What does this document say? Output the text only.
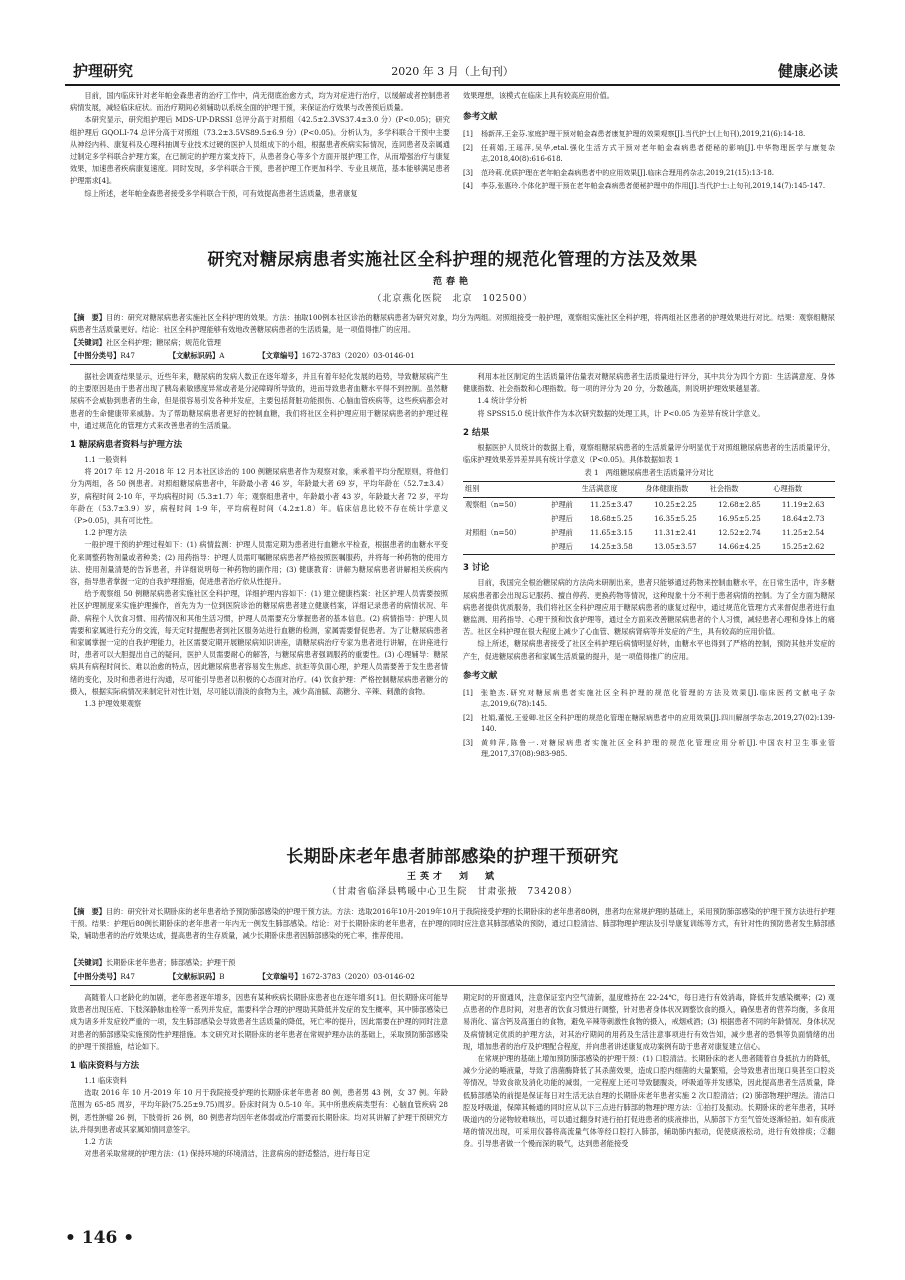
护理研究	2020 年 3 月（上旬刊）	健康必读

目前，国内临床针对老年帕金森患者的治疗工作中，尚无彻底治愈方式，均为对症进行治疗，以缓解或者控制患者病情发展，减轻临床症状。而治疗期间必须辅助以系统全面的护理干预，来保证治疗效果与改善预后质量。

本研究显示，研究组护理后 MDS-UP-DRSSI 总评分高于对照组（42.5±2.3VS37.4±3.0 分）(P<0.05)；研究组护理后 GQOLI-74 总评分高于对照组（73.2±3.5VS89.5±6.9 分）(P<0.05)。分析认为，多学科联合干预中主要从神经内科、康复科及心理科抽调专业技术过硬的医护人员组成下的小组，根据患者疾病实际情况，连同患者及亲属通过制定多学科联合护理方案，在已制定的护理方案支持下，从患者身心等多个方面开展护理工作，从而增强治疗与康复效果，加速患者疾病康复速度。同时发现，多学科联合干预，患者护理工作更加科学、专业且规范，基本能够满足患者护理需求[4]。

综上所述，老年帕金森患者接受多学科联合干预，可有效提高患者生活质量，患者康复

效果理想，该模式在临床上具有较高应用价值。

参考文献
[1]	杨新萍,王金芬.家庭护理干预对帕金森患者康复护理的效果观察[J].当代护士(上旬刊),2019,21(6):14-18.
[2]	任莉娟,王瑶萍,吴华,etal.强化生活方式干预对老年帕金森病患者便秘的影响[J].中华物理医学与康复杂志,2018,40(8):616-618.
[3]	范玲莉.优质护理在老年帕金森病患者中的应用效果[J].临床合理用药杂志,2019,21(15):13-18.
[4]	李芬,张惠玲.个体化护理干预在老年帕金森病患者便秘护理中的作用[J].当代护士:上旬刊,2019,14(7):145-147.
研究对糖尿病患者实施社区全科护理的规范化管理的方法及效果
范春艳
（北京燕化医院　北京　102500）
【摘　要】目的：研究对糖尿病患者实施社区全科护理的效果。方法：抽取100例本社区诊治的糖尿病患者为研究对象，均分为两组。对照组接受一般护理，观察组实施社区全科护理，将两组社区患者的护理效果进行对比。结果：观察组糖尿病患者生活质量更好。结论：社区全科护理能够有效地改善糖尿病患者的生活质量，是一项值得推广的应用。
【关键词】社区全科护理；糖尿病；规范化管理
【中图分类号】R47	【文献标识码】A	【文章编号】1672-3783（2020）03-0146-01

据社会调查结果显示，近些年来，糖尿病的发病人数正在逐年增多，并且有着年轻化发展的趋势，导致糖尿病产生的主要原因是由于患者出现了胰岛素敏感度异常或者是分泌障碍所导致的，进而导致患者血糖水平得不到控制。虽然糖尿病不会威胁到患者的生命，但是很容易引发各种并发症，主要包括肾脏功能损伤、心脑血管疾病等，这些疾病都会对患者的生命健康带来威胁。为了帮助糖尿病患者更好的控制血糖，我们将社区全科护理应用于糖尿病患者的护理过程中，通过规范化的管理方式来改善患者的生活质量。

1 糖尿病患者资料与护理方法

1.1 一般资料

将 2017 年 12 月-2018 年 12 月本社区诊治的 100 例糖尿病患者作为观察对象，乘承着平均分配原则，将他们分为两组，各 50 例患者。对照组糖尿病患者中，年龄最小者 46 岁，年龄最大者 69 岁，平均年龄在（52.7±3.4）岁，病程时间 2-10 年，平均病程时间（5.3±1.7）年；观察组患者中，年龄最小者 43 岁，年龄最大者 72 岁，平均年龄在（53.7±3.9）岁，病程时间 1-9 年，平均病程时间（4.2±1.8）年。临床信息比较不存在统计学意义（P>0.05)，具有可比性。

1.2 护理方法

一般护理干预的护理过程如下：(1) 病情监测：护理人员需定期为患者进行血糖水平检查，根据患者的血糖水平变化来调整药物剂量或者种类；(2) 用药指导：护理人员需叮嘱糖尿病患者严格按照医嘱服药，并将每一种药物的使用方法、使用剂量清楚的告诉患者，并详细说明每一种药物的副作用；(3) 健康教育：讲解为糖尿病患者讲解相关疾病内容，指导患者掌握一定的自我护理措施，促进患者治疗依从性提升。

给予观察组 50 例糖尿病患者实施社区全科护理，详细护理内容如下：(1) 建立健康档案：社区护理人员需要按照社区护理制度来实施护理操作，首先为为一位到医院诊治的糖尿病患者建立健康档案，详细记录患者的病情状况、年龄、病程个人饮食习惯、用药情况和其他生活习惯，护理人员需要充分掌握患者的基本信息。(2) 病情指导：护理人员需要和家属进行充分的交流，每天定时提醒患者到社区服务站进行血糖的检测，家属需要督促患者。为了让糖尿病患者和家属掌握一定的自我护理能力，社区需要定期开展糖尿病知识讲座，请糖尿病治疗专家为患者进行讲解，在讲座进行时，患者可以大胆提出自己的疑问，医护人员需要耐心的解答，与糖尿病患者强调服药的重要性。(3) 心理辅导：糖尿病具有病程时间长、难以治愈的特点，因此糖尿病患者容易发生焦虑、抗拒等负面心理，护理人员需要善于发生患者情绪的变化，及时和患者进行沟通，尽可能引导患者以积极的心态面对治疗。(4) 饮食护理：严格控制糖尿病患者糖分的摄入，根据实际病情况来制定针对性计划，尽可能以清淡的食物为主，减少高油腻、高糖分、辛辣、刺激的食物。

1.3 护理效果观察

利用本社区制定的生活质量评估量表对糖尿病患者生活质量进行评分，其中共分为四个方面：生活满意度、身体健康指数、社会指数和心理指数。每一项的评分为 20 分，分数越高，则说明护理效果越显著。

1.4 统计学分析

将 SPSS15.0 统计软件作为本次研究数据的处理工具，计 P<0.05 为差异有统计学意义。

2 结果

根据医护人员统计的数据上看，观察组糖尿病患者的生活质量评分明显优于对照组糖尿病患者的生活质量评分，临床护理效果差异差异具有统计学意义（P<0.05)。具体数据如表 1

表 1　两组糖尿病患者生活质量评分对比
组别		生活满意度	身体健康指数	社会指数	心理指数
观察组（n=50）	护理前	11.25±3.47	10.25±2.25	12.68±2.85	11.19±2.63
	护理后	18.68±5.25	16.35±5.25	16.95±5.25	18.64±2.73
对照组（n=50）	护理前	11.65±3.15	11.31±2.41	12.52±2.74	11.25±2.54
	护理后	14.25±3.58	13.05±3.57	14.66±4.25	15.25±2.62
3 讨论

目前，我国完全根治糖尿病的方法尚未研制出来，患者只能够通过药物来控制血糖水平，在日常生活中，许多糖尿病患者都会出现忘记服药、擅自停药、更换药物等情况，这种现象十分不利于患者病情的控制。为了全方面为糖尿病患者提供优质服务，我们将社区全科护理应用于糖尿病患者的康复过程中，通过规范化管理方式来督促患者进行血糖监测、用药指导、心理干预和饮食护理等，通过全方面来改善糖尿病患者的个人习惯，减轻患者心理和身体上的痛苦。社区全科护理在很大程度上减少了心血管、糖尿病肾病等并发症的产生，具有较高的应用价值。

综上所述，糖尿病患者接受了社区全科护理后病情明显好转，血糖水平也得到了严格的控制，预防其他并发症的产生，促进糖尿病患者和家属生活质量的提升，是一项值得推广的应用。

参考文献
[1]	张艳杰.研究对糖尿病患者实施社区全科护理的规范化管理的方法及效果[J].临床医药文献电子杂志,2019,6(78):145.
[2]	杜娟,董悦,王爱卿.社区全科护理的规范化管理在糖尿病患者中的应用效果[J].四川解剖学杂志,2019,27(02):139-140.
[3]	黄帅萍,陈鲁一.对糖尿病患者实施社区全科护理的规范化管理应用分析[J].中国农村卫生事业管理,2017,37(08):983-985.
长期卧床老年患者肺部感染的护理干预研究
王英才　刘　斌
（甘肃省临泽县鸭暖中心卫生院　甘肃张掖　734208）
【摘　要】目的：研究针对长期卧床的老年患者给予预防肺部感染的护理干预方法。方法：选取2016年10月-2019年10月于我院接受护理的长期卧床的老年患者80例，患者均在常规护理的基础上，采用预防肺部感染的护理干预方法进行护理干预。结果：护理后80例长期卧床的老年患者一年内无一例发生肺部感染。结论：对于长期卧床的老年患者，在护理的同时应注意其肺部感染的预防，通过口腔清洁、肺部物理护理法及引导康复训练等方式，有针对性的预防患者发生肺部感染，辅助患者的治疗效果达成，提高患者的生存质量，减少长期卧床患者因肺部感染的死亡率，推荐使用。
【关键词】长期卧床老年患者；肺部感染；护理干预
【中图分类号】R47	【文献标识码】B	【文章编号】1672-3783（2020）03-0146-02

高随着人口老龄化的加剧，老年患者逐年增多，因患有某种疾病长期卧床患者也在逐年增多[1]。但长期卧床可能导致患者出现压疮、下肢深静脉血栓等一系列并发症，需要科学合理的护理助其降低并发症的发生概率，其中肺部感染已成为诸多并发症较严重的一项，发生肺部感染会导致患者生活质量的降低，死亡率的提升，因此需要在护理的同时注意对患者的肺部感染实施预防性护理措施。本文研究对长期卧床的老年患者在常规护理办法的基础上，采取预防肺部感染的护理干预措施，结论如下。

1 临床资料与方法

1.1 临床资料

选取 2016 年 10 月-2019 年 10 月于我院接受护理的长期卧床老年患者 80 例，患者男 43 例，女 37 例。年龄范围为 65-85 周岁，平均年龄(75.25±9.75)周岁。卧床时间为 0.5-10 年。其中所患疾病类型有：心脑血管疾病 28 例，恶性肿瘤 26 例，下肢骨折 26 例，80 例患者均因年老体弱或治疗需要而长期卧床。均对其讲解了护理干预研究方法,并得到患者或其家属知情同意签字。

1.2 方法

对患者采取常规的护理方法：(1) 保持环境的环境清洁，注意病房的舒适整洁，进行每日定

期定时的开窗通风，注意保证室内空气清新，温度维持在 22-24℃，每日进行有效消毒，降低并发感染概率；(2) 观点患者的作息时间，对患者的饮食习惯进行调整，针对患者身体状况调整饮食的摄入，确保患者的营养均衡，多食用易消化、富含钙及高蛋白的食物，避免辛辣等刺激性食物的摄入，戒烟戒酒；(3) 根据患者不同的年龄情况、身体状况及病情制定优质的护理方法，对其治疗期间的用药及生活注意事项进行有效告知，减少患者的恐惧等负面情绪的出现，增加患者的治疗及护理配合程度，并向患者讲述康复成功案例有助于患者对康复建立信心。

在常规护理的基础上增加预防肺部感染的护理干预：(1) 口腔清洁。长期卧床的老人患者随着自身抵抗力的降低，减少分泌的唾液量，导致了溶菌酶降低了其杀菌效果，造成口腔内细菌的大量繁殖，会导致患者出现口臭甚至口腔炎等情况，导致食欲及消化功能的减弱，一定程度上还可导致腿腹炎，呼吸道等并发感染，因此提高患者生活质量，降低肺部感染的前提是保证每日对生活无法自理的长期卧床老年患者实施 2 次口腔清洁；(2) 肺部物理护理法。清洁口腔及呼吸道，保障其畅通的同时应从以下三点进行肺部的物理护理方法：①拍打及振动。长期卧床的老年患者，其呼吸道内的分泌物较难咳出，可以通过翻身时进行拍打促进患者的痰液排出，从肺部下方至气管处逐渐轻拍。如有痰液堵的情况出现，可采用仪器将高流量气体等经口腔打入肺部，辅助肺内振动，促使痰液松动，进行有效排痰；②翻身。引导患者做一个慢而深的吸气，达到患者能接受

• 146 •
